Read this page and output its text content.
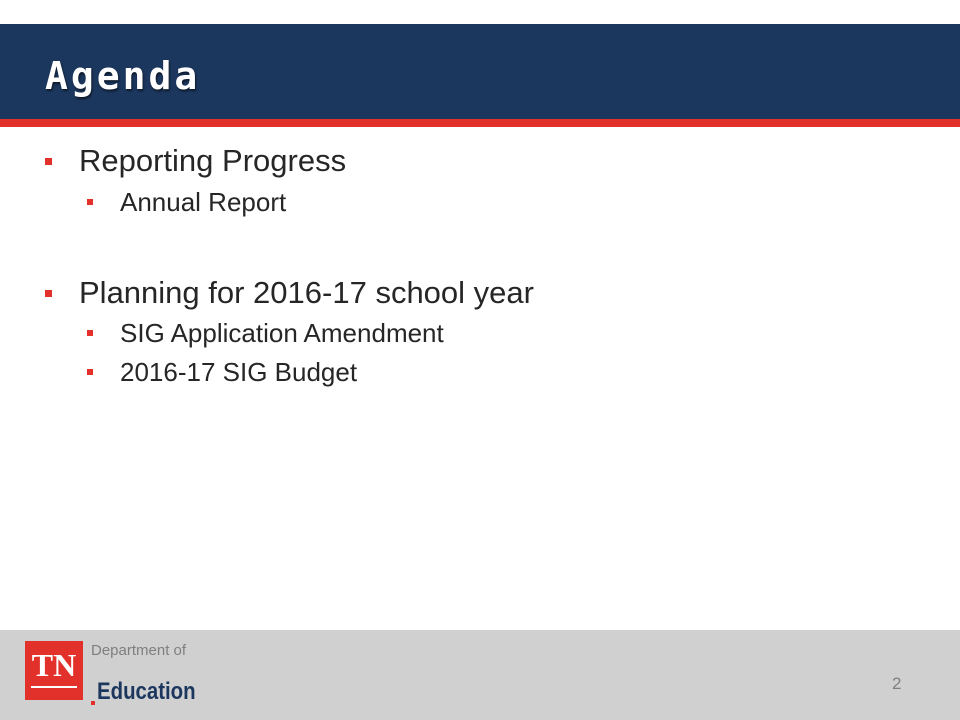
Agenda
Reporting Progress
Annual Report
Planning for 2016-17 school year
SIG Application Amendment
2016-17 SIG Budget
TN Department of
Education	2
